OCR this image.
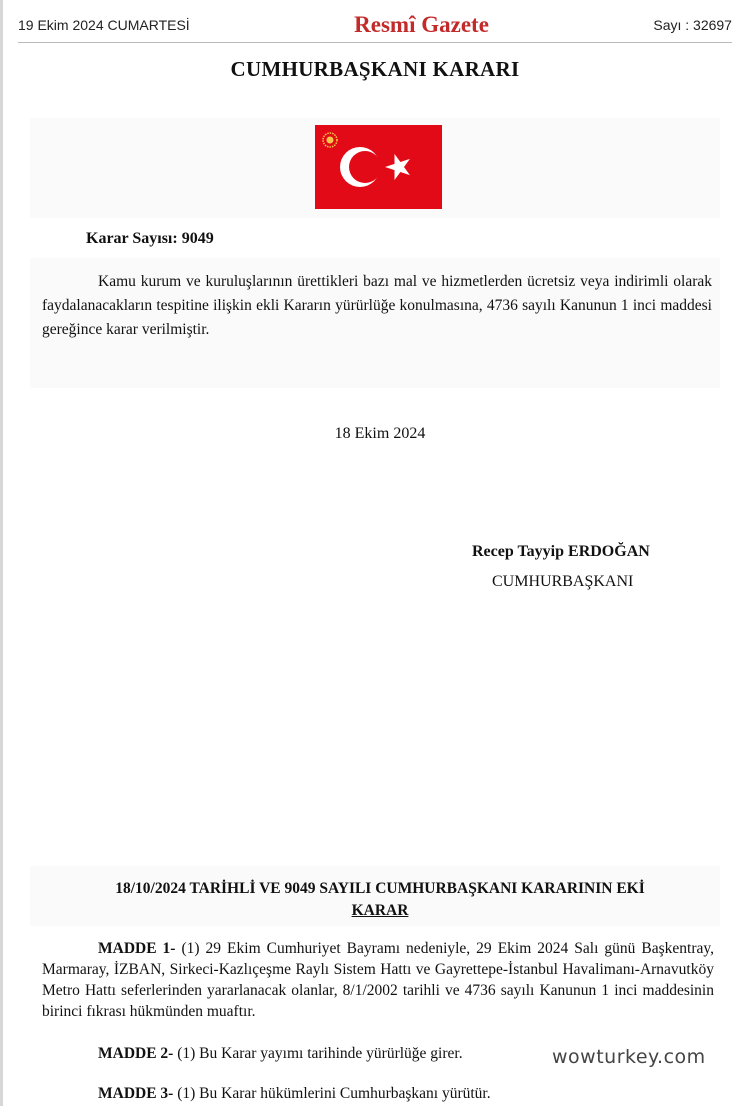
19 Ekim 2024 CUMARTESİ	Resmî Gazete	Sayı : 32697
CUMHURBAŞKANI KARARI
Karar Sayısı: 9049
Kamu kurum ve kuruluşlarının ürettikleri bazı mal ve hizmetlerden ücretsiz veya indirimli olarak faydalanacakların tespitine ilişkin ekli Kararın yürürlüğe konulmasına, 4736 sayılı Kanunun 1 inci maddesi gereğince karar verilmiştir.
18 Ekim 2024
Recep Tayyip ERDOĞAN
CUMHURBAŞKANI
18/10/2024 TARİHLİ VE 9049 SAYILI CUMHURBAŞKANI KARARININ EKİ
KARAR
MADDE 1- (1) 29 Ekim Cumhuriyet Bayramı nedeniyle, 29 Ekim 2024 Salı günü Başkentray, Marmaray, İZBAN, Sirkeci-Kazlıçeşme Raylı Sistem Hattı ve Gayrettepe-İstanbul Havalimanı-Arnavutköy Metro Hattı seferlerinden yararlanacak olanlar, 8/1/2002 tarihli ve 4736 sayılı Kanunun 1 inci maddesinin birinci fıkrası hükmünden muaftır.
MADDE 2- (1) Bu Karar yayımı tarihinde yürürlüğe girer.
MADDE 3- (1) Bu Karar hükümlerini Cumhurbaşkanı yürütür.
wowturkey.com
